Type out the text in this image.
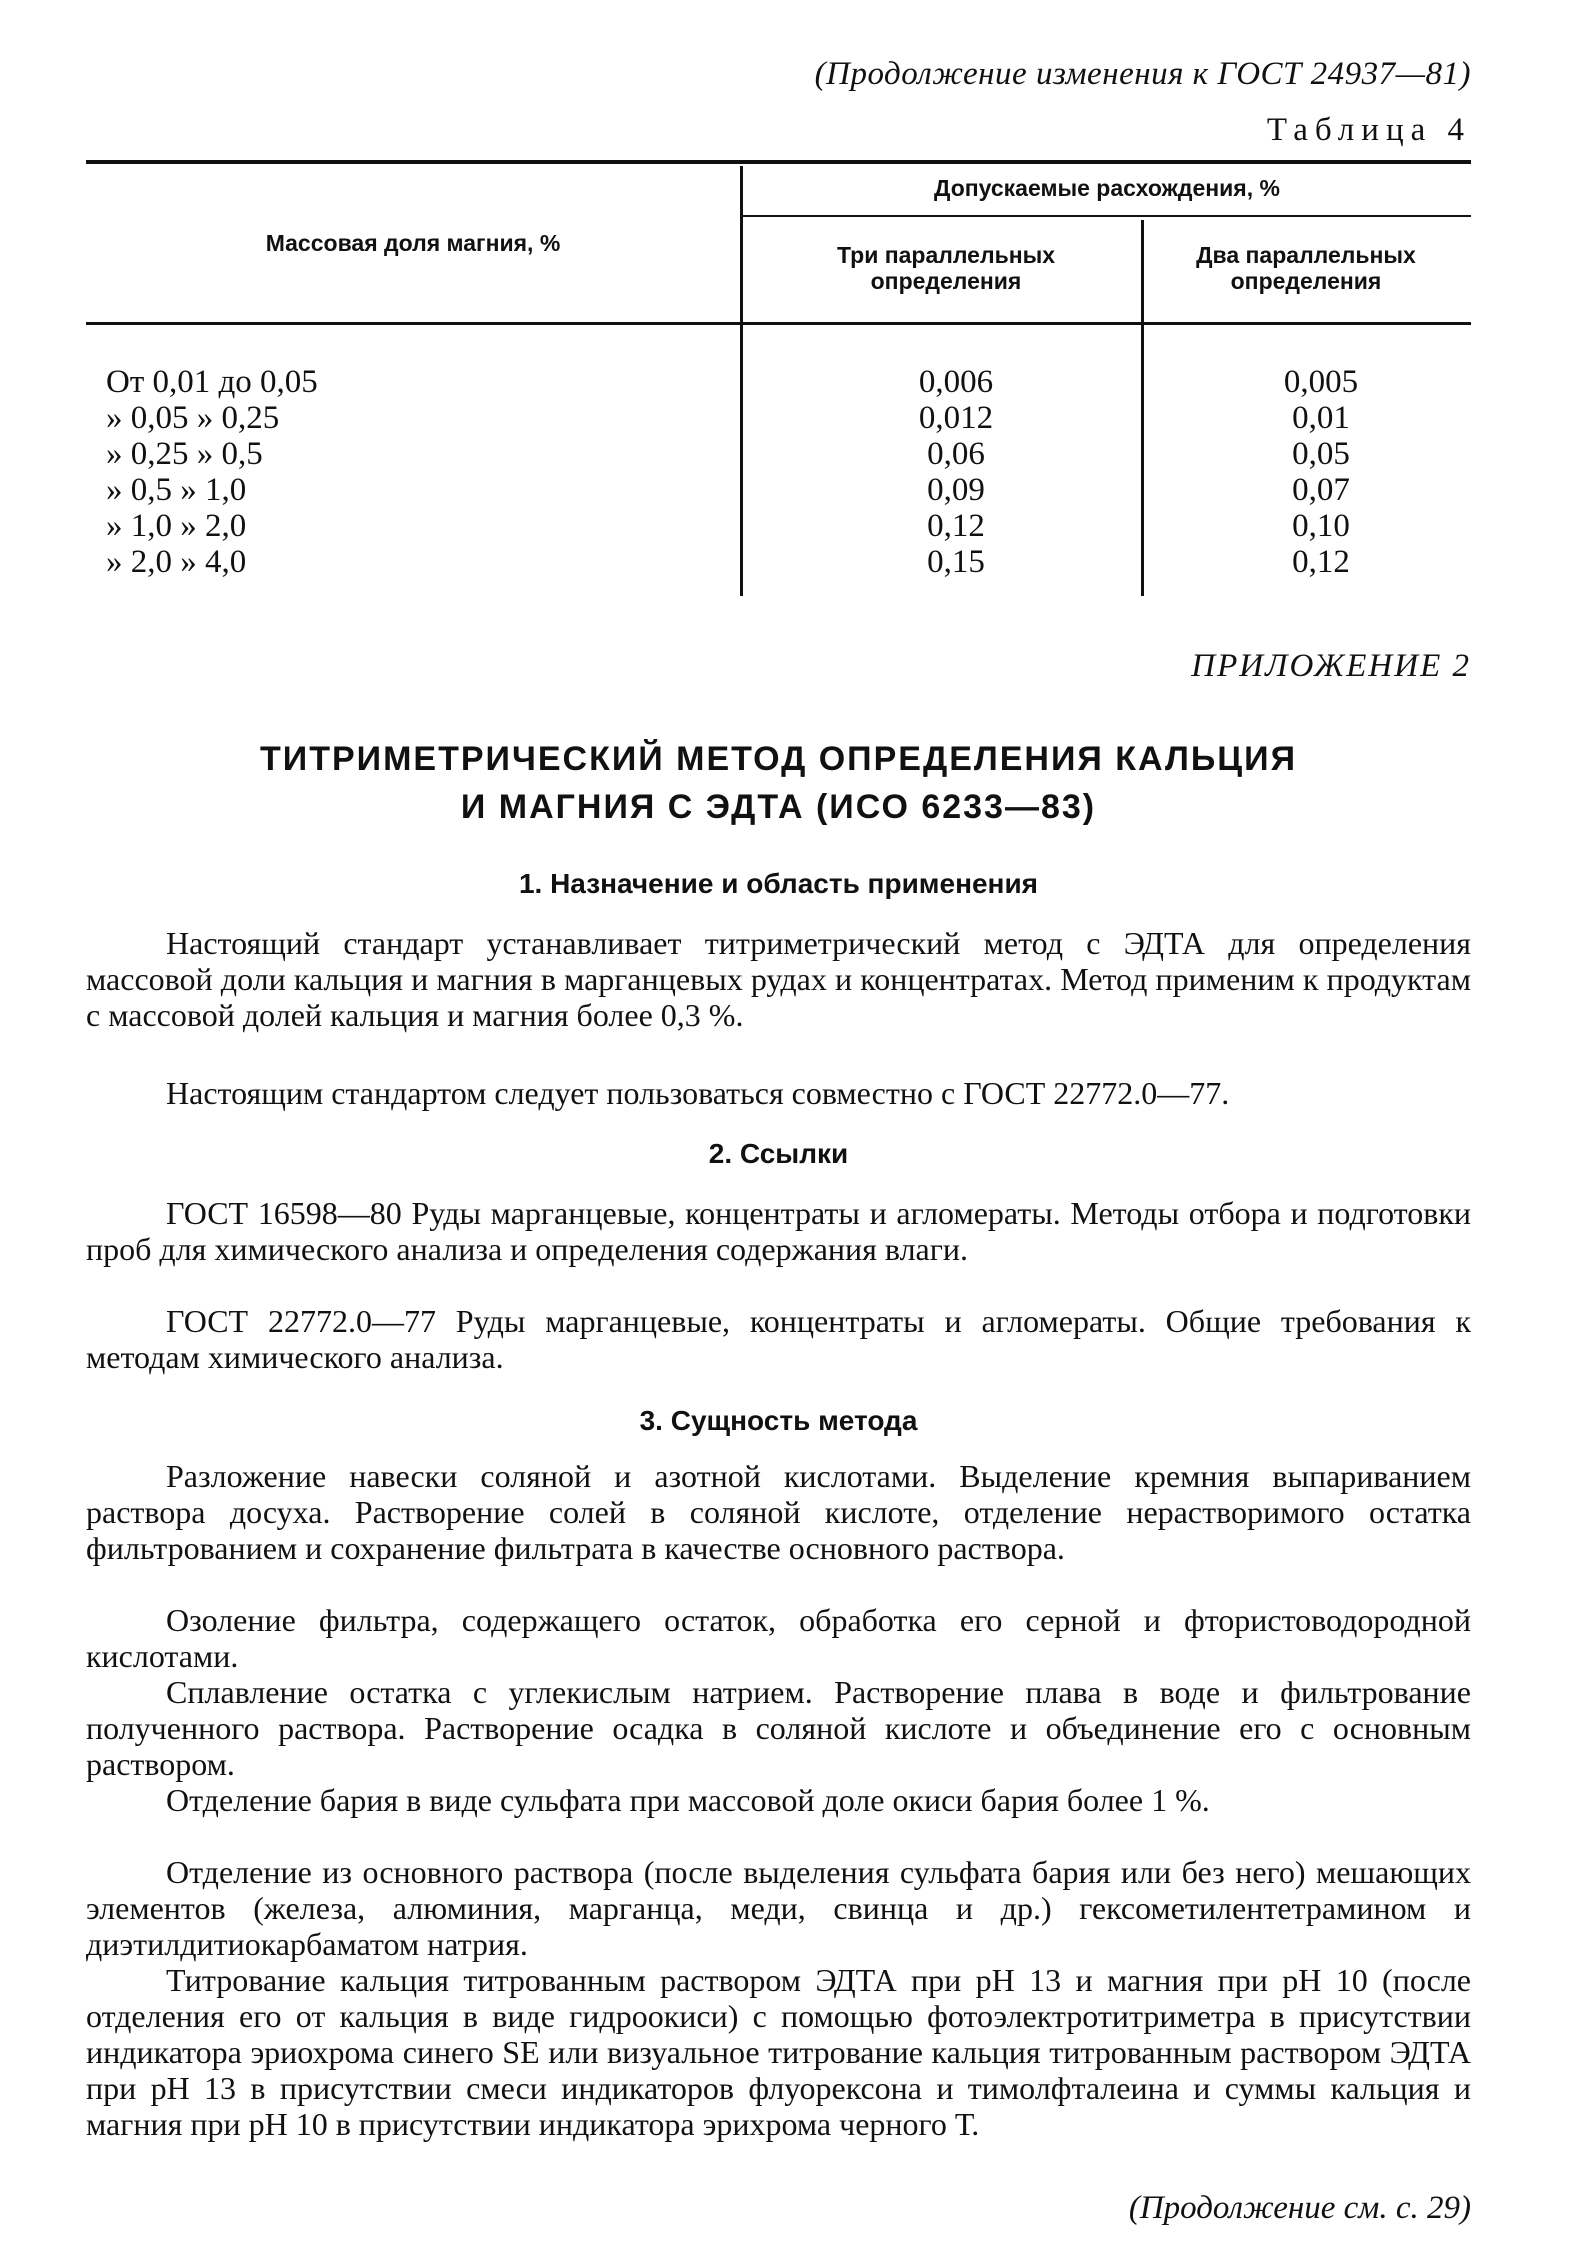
(Продолжение изменения к ГОСТ 24937—81)
Таблица 4
Массовая доля магния, %
Допускаемые расхождения, %
Три параллельных определения
Два параллельных определения
От 0,01 до 0,05	0,006	0,005
» 0,05 » 0,25	0,012	0,01
» 0,25 » 0,5	0,06	0,05
» 0,5 » 1,0	0,09	0,07
» 1,0 » 2,0	0,12	0,10
» 2,0 » 4,0	0,15	0,12
ПРИЛОЖЕНИЕ 2
ТИТРИМЕТРИЧЕСКИЙ МЕТОД ОПРЕДЕЛЕНИЯ КАЛЬЦИЯ
И МАГНИЯ С ЭДТА (ИСО 6233—83)
1. Назначение и область применения
Настоящий стандарт устанавливает титриметрический метод с ЭДТА для определения массовой доли кальция и магния в марганцевых рудах и концентратах. Метод применим к продуктам с массовой долей кальция и магния более 0,3 %.
Настоящим стандартом следует пользоваться совместно с ГОСТ 22772.0—77.
2. Ссылки
ГОСТ 16598—80 Руды марганцевые, концентраты и агломераты. Методы отбора и подготовки проб для химического анализа и определения содержания влаги.
ГОСТ 22772.0—77 Руды марганцевые, концентраты и агломераты. Общие требования к методам химического анализа.
3. Сущность метода
Разложение навески соляной и азотной кислотами. Выделение кремния выпариванием раствора досуха. Растворение солей в соляной кислоте, отделение нерастворимого остатка фильтрованием и сохранение фильтрата в качестве основного раствора.
Озоление фильтра, содержащего остаток, обработка его серной и фтористоводородной кислотами.
Сплавление остатка с углекислым натрием. Растворение плава в воде и фильтрование полученного раствора. Растворение осадка в соляной кислоте и объединение его с основным раствором.
Отделение бария в виде сульфата при массовой доле окиси бария более 1 %.
Отделение из основного раствора (после выделения сульфата бария или без него) мешающих элементов (железа, алюминия, марганца, меди, свинца и др.) гексометилентетрамином и диэтилдитиокарбаматом натрия.
Титрование кальция титрованным раствором ЭДТА при pH 13 и магния при pH 10 (после отделения его от кальция в виде гидроокиси) с помощью фотоэлектротитриметра в присутствии индикатора эриохрома синего SE или визуальное титрование кальция титрованным раствором ЭДТА при pH 13 в присутствии смеси индикаторов флуорексона и тимолфталеина и суммы кальция и магния при pH 10 в присутствии индикатора эрихрома черного Т.
(Продолжение см. с. 29)
